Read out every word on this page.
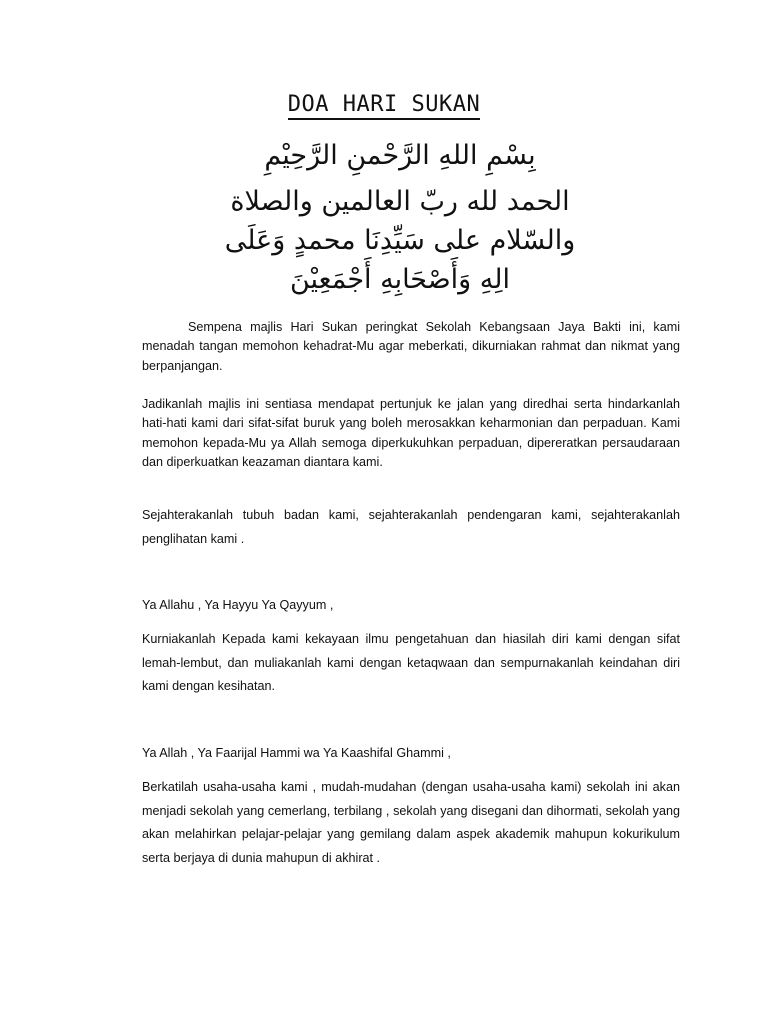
DOA HARI SUKAN
بِسْمِ اللهِ الرَّحْمنِ الرَّحِيْمِ
الحمد لله ربّ العالمين والصلاة
والسّلام على سَيِّدِنَا محمدٍ وَعَلَى
الِهِ وَأَصْحَابِهِ أَجْمَعِيْنَ

Sempena majlis Hari Sukan peringkat Sekolah Kebangsaan Jaya Bakti ini, kami menadah tangan memohon kehadrat-Mu agar meberkati, dikurniakan rahmat dan nikmat yang berpanjangan.

Jadikanlah majlis ini sentiasa mendapat pertunjuk ke jalan yang diredhai serta hindarkanlah hati-hati kami dari sifat-sifat buruk yang boleh merosakkan keharmonian dan perpaduan. Kami memohon kepada-Mu ya Allah semoga diperkukuhkan perpaduan, dipereratkan persaudaraan dan diperkuatkan keazaman diantara kami.

Sejahterakanlah tubuh badan kami, sejahterakanlah pendengaran kami, sejahterakanlah penglihatan kami .

Ya Allahu , Ya Hayyu Ya Qayyum ,

Kurniakanlah Kepada kami kekayaan ilmu pengetahuan dan hiasilah diri kami dengan sifat lemah-lembut, dan muliakanlah kami dengan ketaqwaan dan sempurnakanlah keindahan diri kami dengan kesihatan.

Ya Allah , Ya Faarijal Hammi wa Ya Kaashifal Ghammi ,

Berkatilah usaha-usaha kami , mudah-mudahan (dengan usaha-usaha kami) sekolah ini akan menjadi sekolah yang cemerlang, terbilang , sekolah yang disegani dan dihormati, sekolah yang akan melahirkan pelajar-pelajar yang gemilang dalam aspek akademik mahupun kokurikulum serta berjaya di dunia mahupun di akhirat .
